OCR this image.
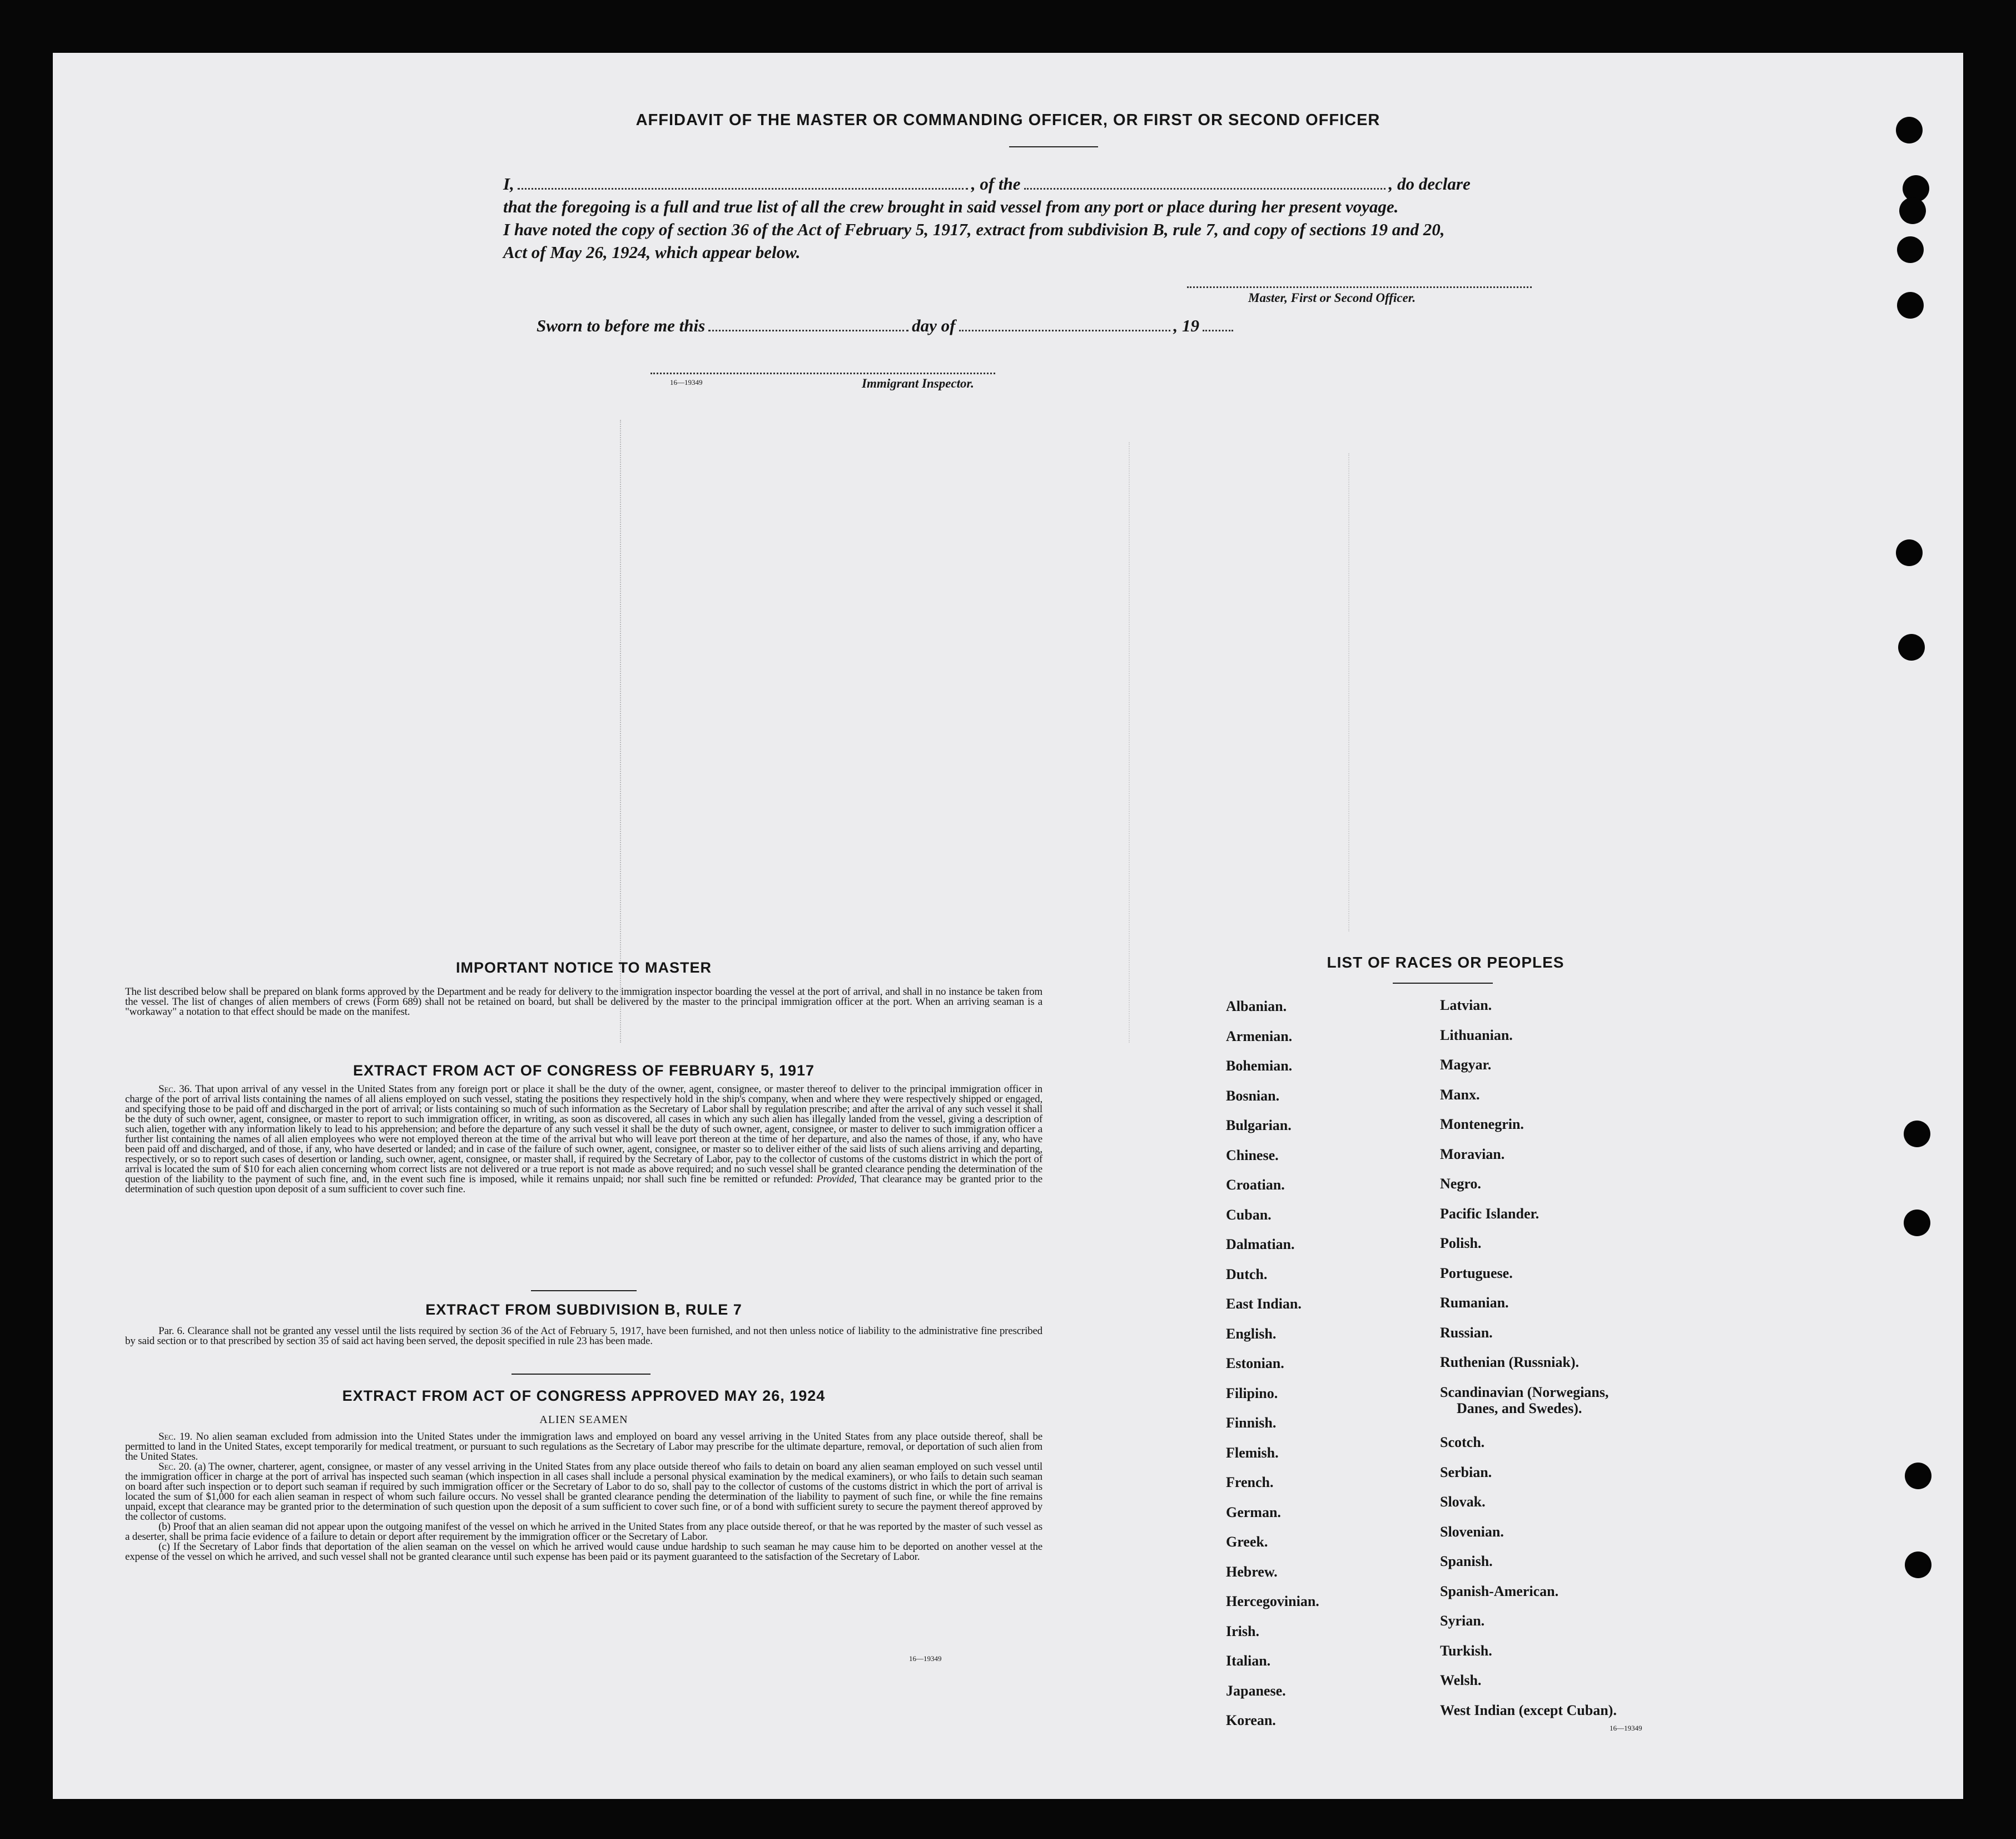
AFFIDAVIT OF THE MASTER OR COMMANDING OFFICER, OR FIRST OR SECOND OFFICER
I,	, of the	, do declare
that the foregoing is a full and true list of all the crew brought in said vessel from any port or place during her present voyage.
I have noted the copy of section 36 of the Act of February 5, 1917, extract from subdivision B, rule 7, and copy of sections 19 and 20,
Act of May 26, 1924, which appear below.
Master, First or Second Officer.
Sworn to before me this	day of	, 19
16—19349	Immigrant Inspector.
IMPORTANT NOTICE TO MASTER
The list described below shall be prepared on blank forms approved by the Department and be ready for delivery to the immigration inspector boarding the vessel at the port of arrival, and shall in no instance be taken from the vessel. The list of changes of alien members of crews (Form 689) shall not be retained on board, but shall be delivered by the master to the principal immigration officer at the port. When an arriving seaman is a "workaway" a notation to that effect should be made on the manifest.
EXTRACT FROM ACT OF CONGRESS OF FEBRUARY 5, 1917

Sec. 36. That upon arrival of any vessel in the United States from any foreign port or place it shall be the duty of the owner, agent, consignee, or master thereof to deliver to the principal immigration officer in charge of the port of arrival lists containing the names of all aliens employed on such vessel, stating the positions they respectively hold in the ship's company, when and where they were respectively shipped or engaged, and specifying those to be paid off and discharged in the port of arrival; or lists containing so much of such information as the Secretary of Labor shall by regulation prescribe; and after the arrival of any such vessel it shall be the duty of such owner, agent, consignee, or master to report to such immigration officer, in writing, as soon as discovered, all cases in which any such alien has illegally landed from the vessel, giving a description of such alien, together with any information likely to lead to his apprehension; and before the departure of any such vessel it shall be the duty of such owner, agent, consignee, or master to deliver to such immigration officer a further list containing the names of all alien employees who were not employed thereon at the time of the arrival but who will leave port thereon at the time of her departure, and also the names of those, if any, who have been paid off and discharged, and of those, if any, who have deserted or landed; and in case of the failure of such owner, agent, consignee, or master so to deliver either of the said lists of such aliens arriving and departing, respectively, or so to report such cases of desertion or landing, such owner, agent, consignee, or master shall, if required by the Secretary of Labor, pay to the collector of customs of the customs district in which the port of arrival is located the sum of $10 for each alien concerning whom correct lists are not delivered or a true report is not made as above required; and no such vessel shall be granted clearance pending the determination of the question of the liability to the payment of such fine, and, in the event such fine is imposed, while it remains unpaid; nor shall such fine be remitted or refunded: Provided, That clearance may be granted prior to the determination of such question upon deposit of a sum sufficient to cover such fine.

EXTRACT FROM SUBDIVISION B, RULE 7

Par. 6. Clearance shall not be granted any vessel until the lists required by section 36 of the Act of February 5, 1917, have been furnished, and not then unless notice of liability to the administrative fine prescribed by said section or to that prescribed by section 35 of said act having been served, the deposit specified in rule 23 has been made.

EXTRACT FROM ACT OF CONGRESS APPROVED MAY 26, 1924
ALIEN SEAMEN

Sec. 19. No alien seaman excluded from admission into the United States under the immigration laws and employed on board any vessel arriving in the United States from any place outside thereof, shall be permitted to land in the United States, except temporarily for medical treatment, or pursuant to such regulations as the Secretary of Labor may prescribe for the ultimate departure, removal, or deportation of such alien from the United States.

Sec. 20. (a) The owner, charterer, agent, consignee, or master of any vessel arriving in the United States from any place outside thereof who fails to detain on board any alien seaman employed on such vessel until the immigration officer in charge at the port of arrival has inspected such seaman (which inspection in all cases shall include a personal physical examination by the medical examiners), or who fails to detain such seaman on board after such inspection or to deport such seaman if required by such immigration officer or the Secretary of Labor to do so, shall pay to the collector of customs of the customs district in which the port of arrival is located the sum of $1,000 for each alien seaman in respect of whom such failure occurs. No vessel shall be granted clearance pending the determination of the liability to payment of such fine, or while the fine remains unpaid, except that clearance may be granted prior to the determination of such question upon the deposit of a sum sufficient to cover such fine, or of a bond with sufficient surety to secure the payment thereof approved by the collector of customs.

(b) Proof that an alien seaman did not appear upon the outgoing manifest of the vessel on which he arrived in the United States from any place outside thereof, or that he was reported by the master of such vessel as a deserter, shall be prima facie evidence of a failure to detain or deport after requirement by the immigration officer or the Secretary of Labor.

(c) If the Secretary of Labor finds that deportation of the alien seaman on the vessel on which he arrived would cause undue hardship to such seaman he may cause him to be deported on another vessel at the expense of the vessel on which he arrived, and such vessel shall not be granted clearance until such expense has been paid or its payment guaranteed to the satisfaction of the Secretary of Labor.

16—19349
LIST OF RACES OR PEOPLES
16—19349
Albanian.
Armenian.
Bohemian.
Bosnian.
Bulgarian.
Chinese.
Croatian.
Cuban.
Dalmatian.
Dutch.
East Indian.
English.
Estonian.
Filipino.
Finnish.
Flemish.
French.
German.
Greek.
Hebrew.
Hercegovinian.
Irish.
Italian.
Japanese.
Korean.
Latvian.
Lithuanian.
Magyar.
Manx.
Montenegrin.
Moravian.
Negro.
Pacific Islander.
Polish.
Portuguese.
Rumanian.
Russian.
Ruthenian (Russniak).
Scandinavian (Norwegians,
Danes, and Swedes).
Scotch.
Serbian.
Slovak.
Slovenian.
Spanish.
Spanish-American.
Syrian.
Turkish.
Welsh.
West Indian (except Cuban).
